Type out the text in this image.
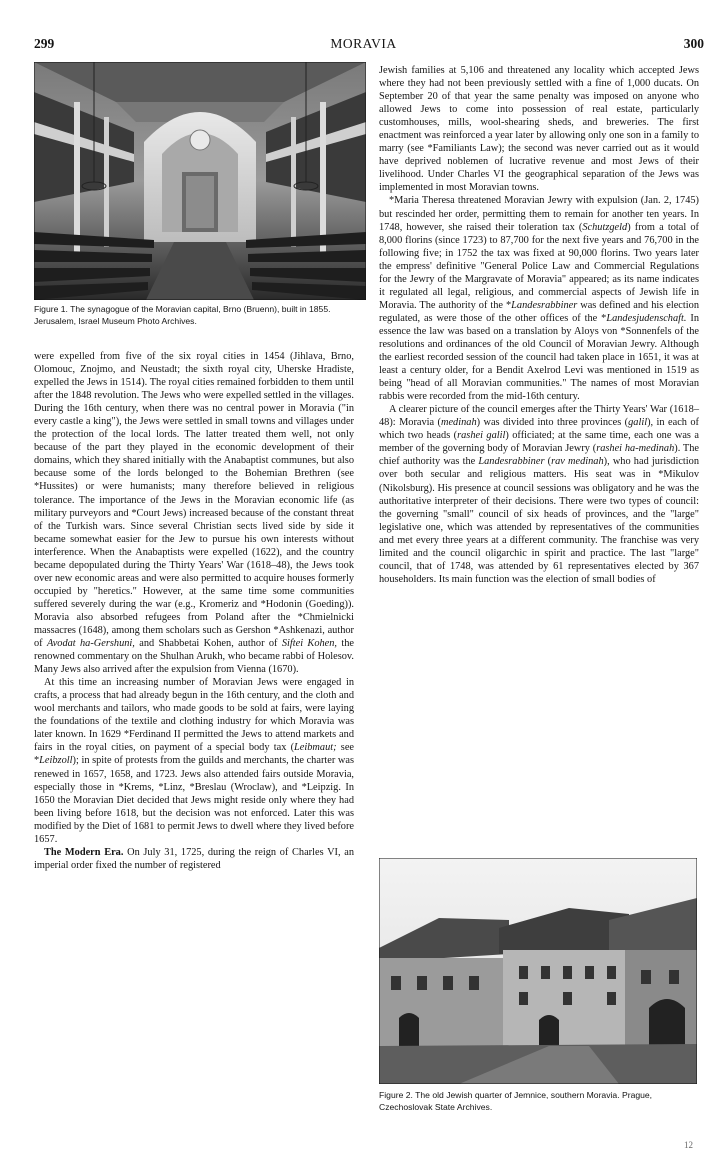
299	MORAVIA	300
Figure 1. The synagogue of the Moravian capital, Brno (Bruenn), built in 1855. Jerusalem, Israel Museum Photo Archives.

were expelled from five of the six royal cities in 1454 (Jihlava, Brno, Olomouc, Znojmo, and Neustadt; the sixth royal city, Uherske Hradiste, expelled the Jews in 1514). The royal cities remained forbidden to them until after the 1848 revolution. The Jews who were expelled settled in the villages. During the 16th century, when there was no central power in Moravia ("in every castle a king"), the Jews were settled in small towns and villages under the protection of the local lords. The latter treated them well, not only because of the part they played in the economic development of their domains, which they shared initially with the Anabaptist communes, but also because some of the lords belonged to the Bohemian Brethren (see *Hussites) or were humanists; many therefore believed in religious tolerance. The importance of the Jews in the Moravian economic life (as military purveyors and *Court Jews) increased because of the constant threat of the Turkish wars. Since several Christian sects lived side by side it became somewhat easier for the Jew to pursue his own interests without interference. When the Anabaptists were expelled (1622), and the country became depopulated during the Thirty Years' War (1618–48), the Jews took over new economic areas and were also permitted to acquire houses formerly occupied by "heretics." However, at the same time some communities suffered severely during the war (e.g., Kromeriz and *Hodonin (Goeding)). Moravia also absorbed refugees from Poland after the *Chmielnicki massacres (1648), among them scholars such as Gershon *Ashkenazi, author of Avodat ha-Gershuni, and Shabbetai Kohen, author of Siftei Kohen, the renowned commentary on the Shulhan Arukh, who became rabbi of Holesov. Many Jews also arrived after the expulsion from Vienna (1670).

At this time an increasing number of Moravian Jews were engaged in crafts, a process that had already begun in the 16th century, and the cloth and wool merchants and tailors, who made goods to be sold at fairs, were laying the foundations of the textile and clothing industry for which Moravia was later known. In 1629 *Ferdinand II permitted the Jews to attend markets and fairs in the royal cities, on payment of a special body tax (Leibmaut; see *Leibzoll); in spite of protests from the guilds and merchants, the charter was renewed in 1657, 1658, and 1723. Jews also attended fairs outside Moravia, especially those in *Krems, *Linz, *Breslau (Wroclaw), and *Leipzig. In 1650 the Moravian Diet decided that Jews might reside only where they had been living before 1618, but the decision was not enforced. Later this was modified by the Diet of 1681 to permit Jews to dwell where they lived before 1657.

The Modern Era. On July 31, 1725, during the reign of Charles VI, an imperial order fixed the number of registered

Jewish families at 5,106 and threatened any locality which accepted Jews where they had not been previously settled with a fine of 1,000 ducats. On September 20 of that year the same penalty was imposed on anyone who allowed Jews to come into possession of real estate, particularly customhouses, mills, wool-shearing sheds, and breweries. The first enactment was reinforced a year later by allowing only one son in a family to marry (see *Familiants Law); the second was never carried out as it would have deprived noblemen of lucrative revenue and most Jews of their livelihood. Under Charles VI the geographical separation of the Jews was implemented in most Moravian towns.

*Maria Theresa threatened Moravian Jewry with expulsion (Jan. 2, 1745) but rescinded her order, permitting them to remain for another ten years. In 1748, however, she raised their toleration tax (Schutzgeld) from a total of 8,000 florins (since 1723) to 87,700 for the next five years and 76,700 in the following five; in 1752 the tax was fixed at 90,000 florins. Two years later the empress' definitive "General Police Law and Commercial Regulations for the Jewry of the Margravate of Moravia" appeared; as its name indicates it regulated all legal, religious, and commercial aspects of Jewish life in Moravia. The authority of the *Landesrabbiner was defined and his election regulated, as were those of the other offices of the *Landesjudenschaft. In essence the law was based on a translation by Aloys von *Sonnenfels of the resolutions and ordinances of the old Council of Moravian Jewry. Although the earliest recorded session of the council had taken place in 1651, it was at least a century older, for a Bendit Axelrod Levi was mentioned in 1519 as being "head of all Moravian communities." The names of most Moravian rabbis were recorded from the mid-16th century.

A clearer picture of the council emerges after the Thirty Years' War (1618–48): Moravia (medinah) was divided into three provinces (galil), in each of which two heads (rashei galil) officiated; at the same time, each one was a member of the governing body of Moravian Jewry (rashei ha-medinah). The chief authority was the Landesrabbiner (rav medinah), who had jurisdiction over both secular and religious matters. His seat was in *Mikulov (Nikolsburg). His presence at council sessions was obligatory and he was the authoritative interpreter of their decisions. There were two types of council: the governing "small" council of six heads of provinces, and the "large" legislative one, which was attended by representatives of the communities and met every three years at a different community. The franchise was very limited and the council oligarchic in spirit and practice. The last "large" council, that of 1748, was attended by 61 representatives elected by 367 householders. Its main function was the election of small bodies of

Figure 2. The old Jewish quarter of Jemnice, southern Moravia. Prague, Czechoslovak State Archives.
12
